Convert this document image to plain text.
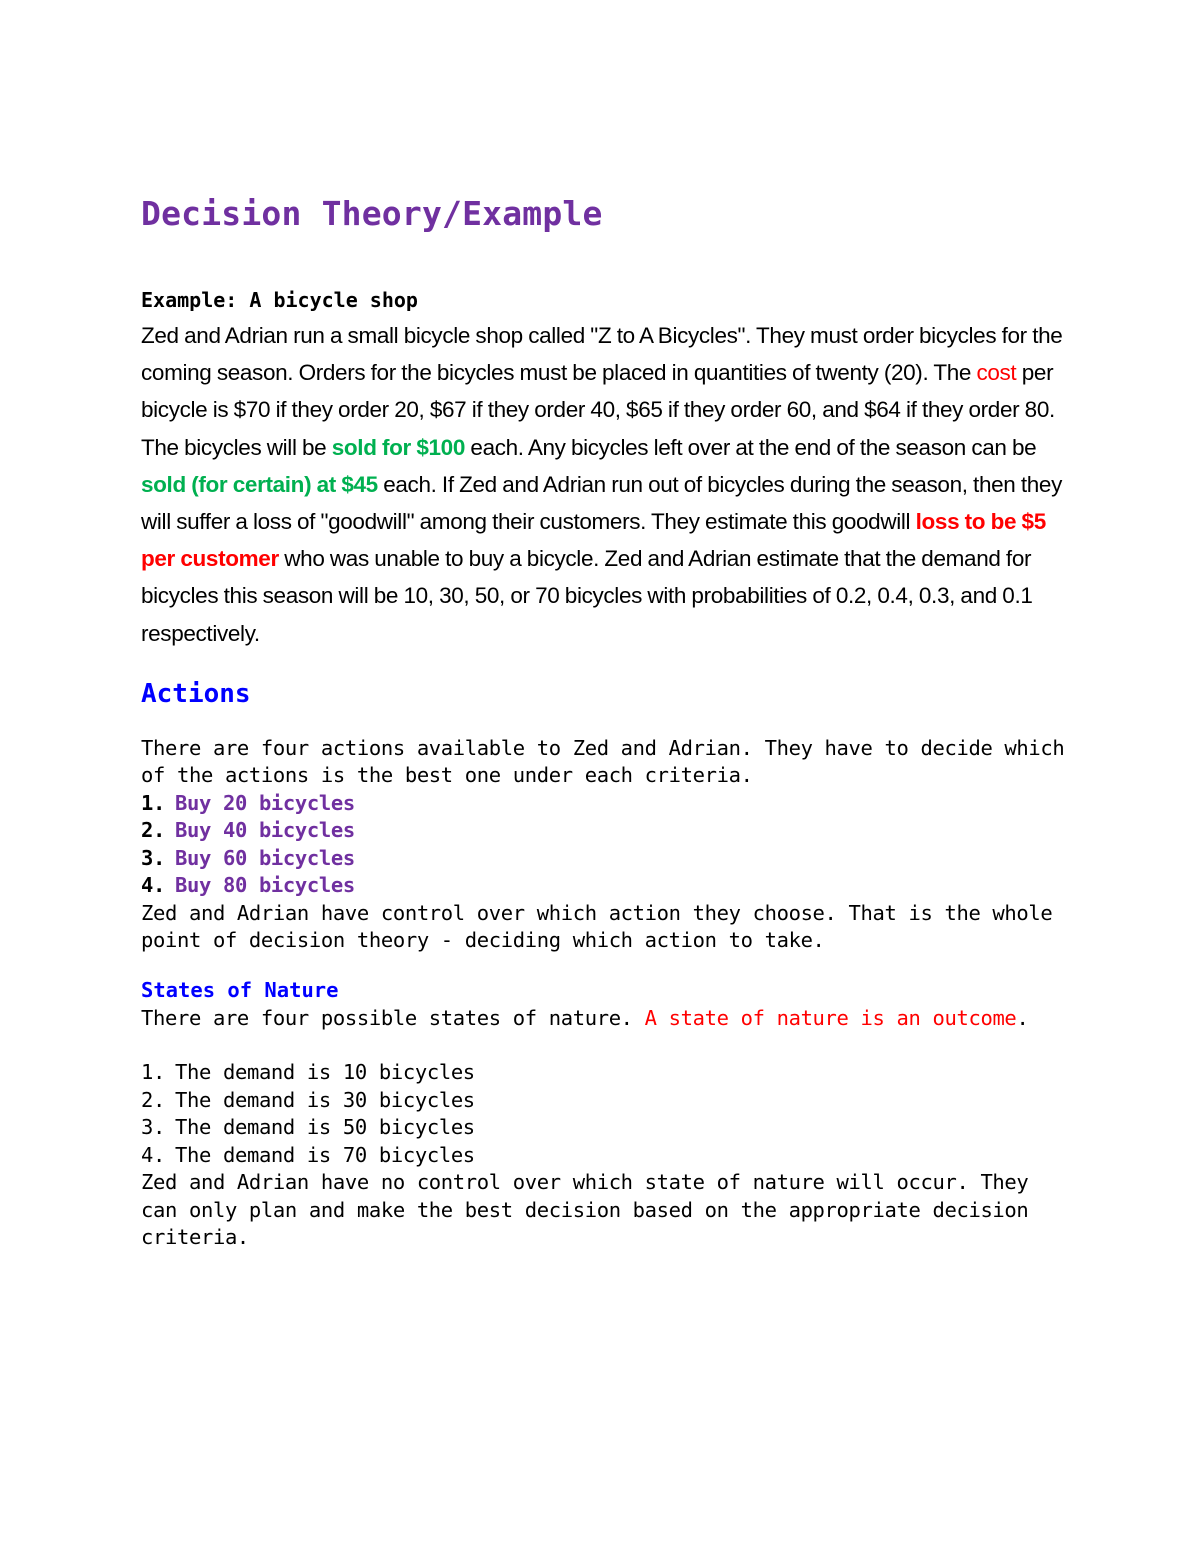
Decision Theory/Example
Example: A bicycle shop

Zed and Adrian run a small bicycle shop called "Z to A Bicycles". They must order bicycles for the coming season. Orders for the bicycles must be placed in quantities of twenty (20). The cost per bicycle is $70 if they order 20, $67 if they order 40, $65 if they order 60, and $64 if they order 80. The bicycles will be sold for $100 each. Any bicycles left over at the end of the season can be sold (for certain) at $45 each. If Zed and Adrian run out of bicycles during the season, then they will suffer a loss of "goodwill" among their customers. They estimate this goodwill loss to be $5 per customer who was unable to buy a bicycle. Zed and Adrian estimate that the demand for bicycles this season will be 10, 30, 50, or 70 bicycles with probabilities of 0.2, 0.4, 0.3, and 0.1 respectively.

Actions

There are four actions available to Zed and Adrian. They have to decide which of the actions is the best one under each criteria.

1. Buy 20 bicycles
2. Buy 40 bicycles
3. Buy 60 bicycles
4. Buy 80 bicycles

Zed and Adrian have control over which action they choose. That is the whole point of decision theory - deciding which action to take.

States of Nature

There are four possible states of nature. A state of nature is an outcome.

1. The demand is 10 bicycles
2. The demand is 30 bicycles
3. The demand is 50 bicycles
4. The demand is 70 bicycles

Zed and Adrian have no control over which state of nature will occur. They can only plan and make the best decision based on the appropriate decision criteria.
